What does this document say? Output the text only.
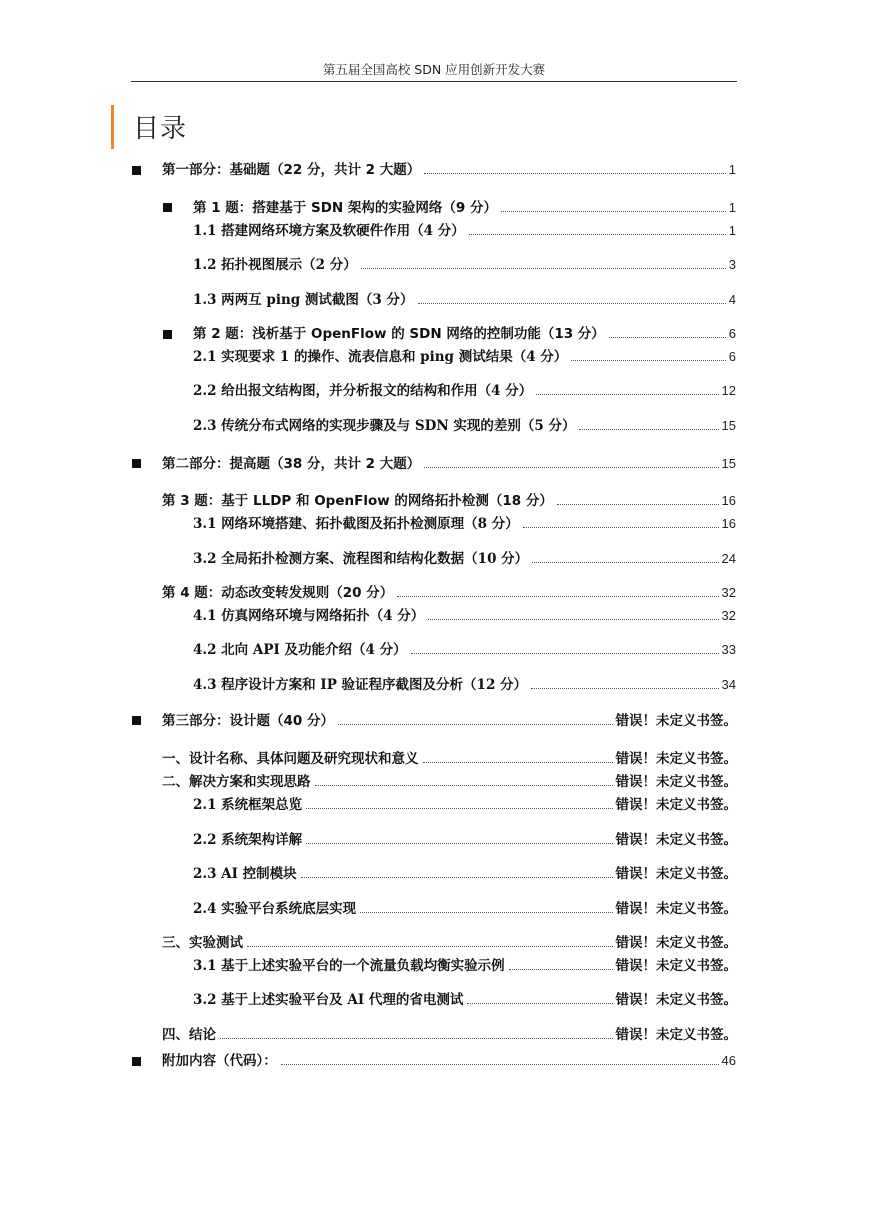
第五届全国高校 SDN 应用创新开发大赛
目录
第一部分：基础题（22 分，共计 2 大题）	1
第 1 题：搭建基于 SDN 架构的实验网络（9 分）	1
1.1 搭建网络环境方案及软硬件作用（4 分）	1
1.2 拓扑视图展示（2 分）	3
1.3 两两互 ping 测试截图（3 分）	4
第 2 题：浅析基于 OpenFlow 的 SDN 网络的控制功能（13 分）	6
2.1 实现要求 1 的操作、流表信息和 ping 测试结果（4 分）	6
2.2 给出报文结构图，并分析报文的结构和作用（4 分）	12
2.3 传统分布式网络的实现步骤及与 SDN 实现的差别（5 分）	15
第二部分：提高题（38 分，共计 2 大题）	15
第 3 题：基于 LLDP 和 OpenFlow 的网络拓扑检测（18 分）	16
3.1 网络环境搭建、拓扑截图及拓扑检测原理（8 分）	16
3.2 全局拓扑检测方案、流程图和结构化数据（10 分）	24
第 4 题：动态改变转发规则（20 分）	32
4.1 仿真网络环境与网络拓扑（4 分）	32
4.2 北向 API 及功能介绍（4 分）	33
4.3 程序设计方案和 IP 验证程序截图及分析（12 分）	34
第三部分：设计题（40 分）	错误！未定义书签。
一、设计名称、具体问题及研究现状和意义	错误！未定义书签。
二、解决方案和实现思路	错误！未定义书签。
2.1 系统框架总览	错误！未定义书签。
2.2 系统架构详解	错误！未定义书签。
2.3 AI 控制模块	错误！未定义书签。
2.4 实验平台系统底层实现	错误！未定义书签。
三、实验测试	错误！未定义书签。
3.1 基于上述实验平台的一个流量负载均衡实验示例	错误！未定义书签。
3.2 基于上述实验平台及 AI 代理的省电测试	错误！未定义书签。
四、结论	错误！未定义书签。
附加内容（代码）：	46
